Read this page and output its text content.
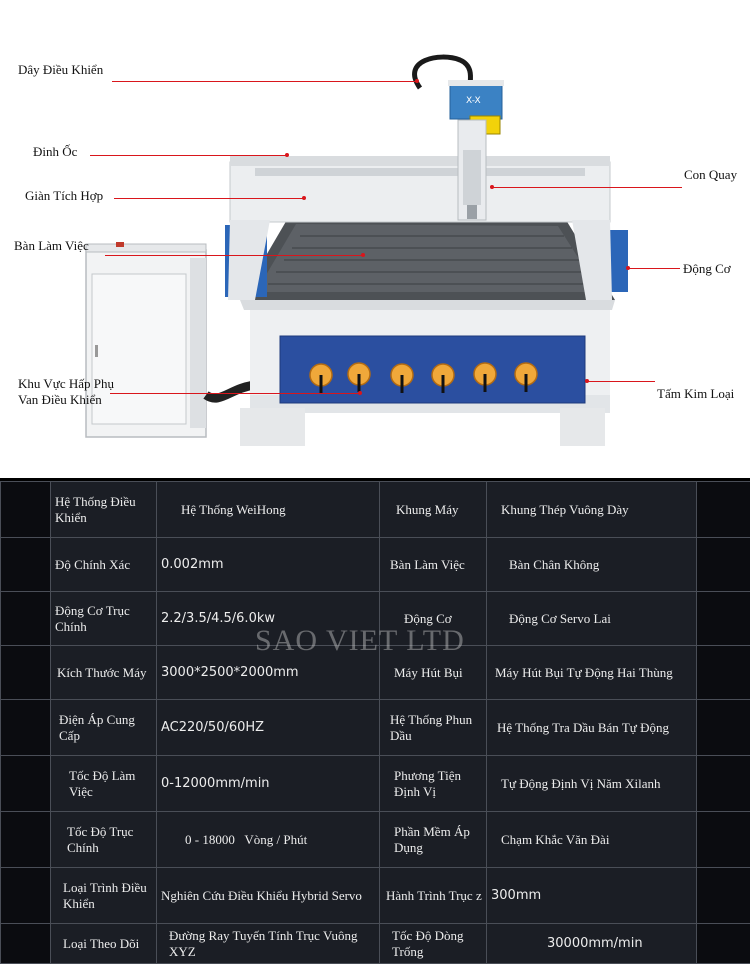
X-X
Dây Điều Khiển
Đinh Ốc
Giàn Tích Hợp
Bàn Làm Việc
Khu Vực Hấp Phụ
Van Điều Khiển
Con Quay
Động Cơ
Tấm Kim Loại
	Hệ Thống Điều Khiển	Hệ Thống WeiHong	Khung Máy	Khung Thép Vuông Dày	
	Độ Chính Xác	0.002mm	Bàn Làm Việc	Bàn Chân Không	
	Động Cơ Trục Chính	2.2/3.5/4.5/6.0kw	Động Cơ	Động Cơ Servo Lai	
	Kích Thước Máy	3000*2500*2000mm	Máy Hút Bụi	Máy Hút Bụi Tự Động Hai Thùng	
	Điện Áp Cung Cấp	AC220/50/60HZ	Hệ Thống Phun Dầu	Hệ Thống Tra Dầu Bán Tự Động	
	Tốc Độ Làm Việc	0-12000mm/min	Phương Tiện Định Vị	Tự Động Định Vị Năm Xilanh	
	Tốc Độ Trục Chính	0 - 18000   Vòng / Phút	Phần Mềm Áp Dụng	Chạm Khắc Văn Đài	
	Loại Trình Điều Khiển	Nghiên Cứu Điều Khiểu Hybrid Servo	Hành Trình Trục z	300mm	
	Loại Theo Dõi	Đường Ray Tuyến Tính Trục Vuông XYZ	Tốc Độ Dòng Trống	30000mm/min	
SAO VIET LTD
